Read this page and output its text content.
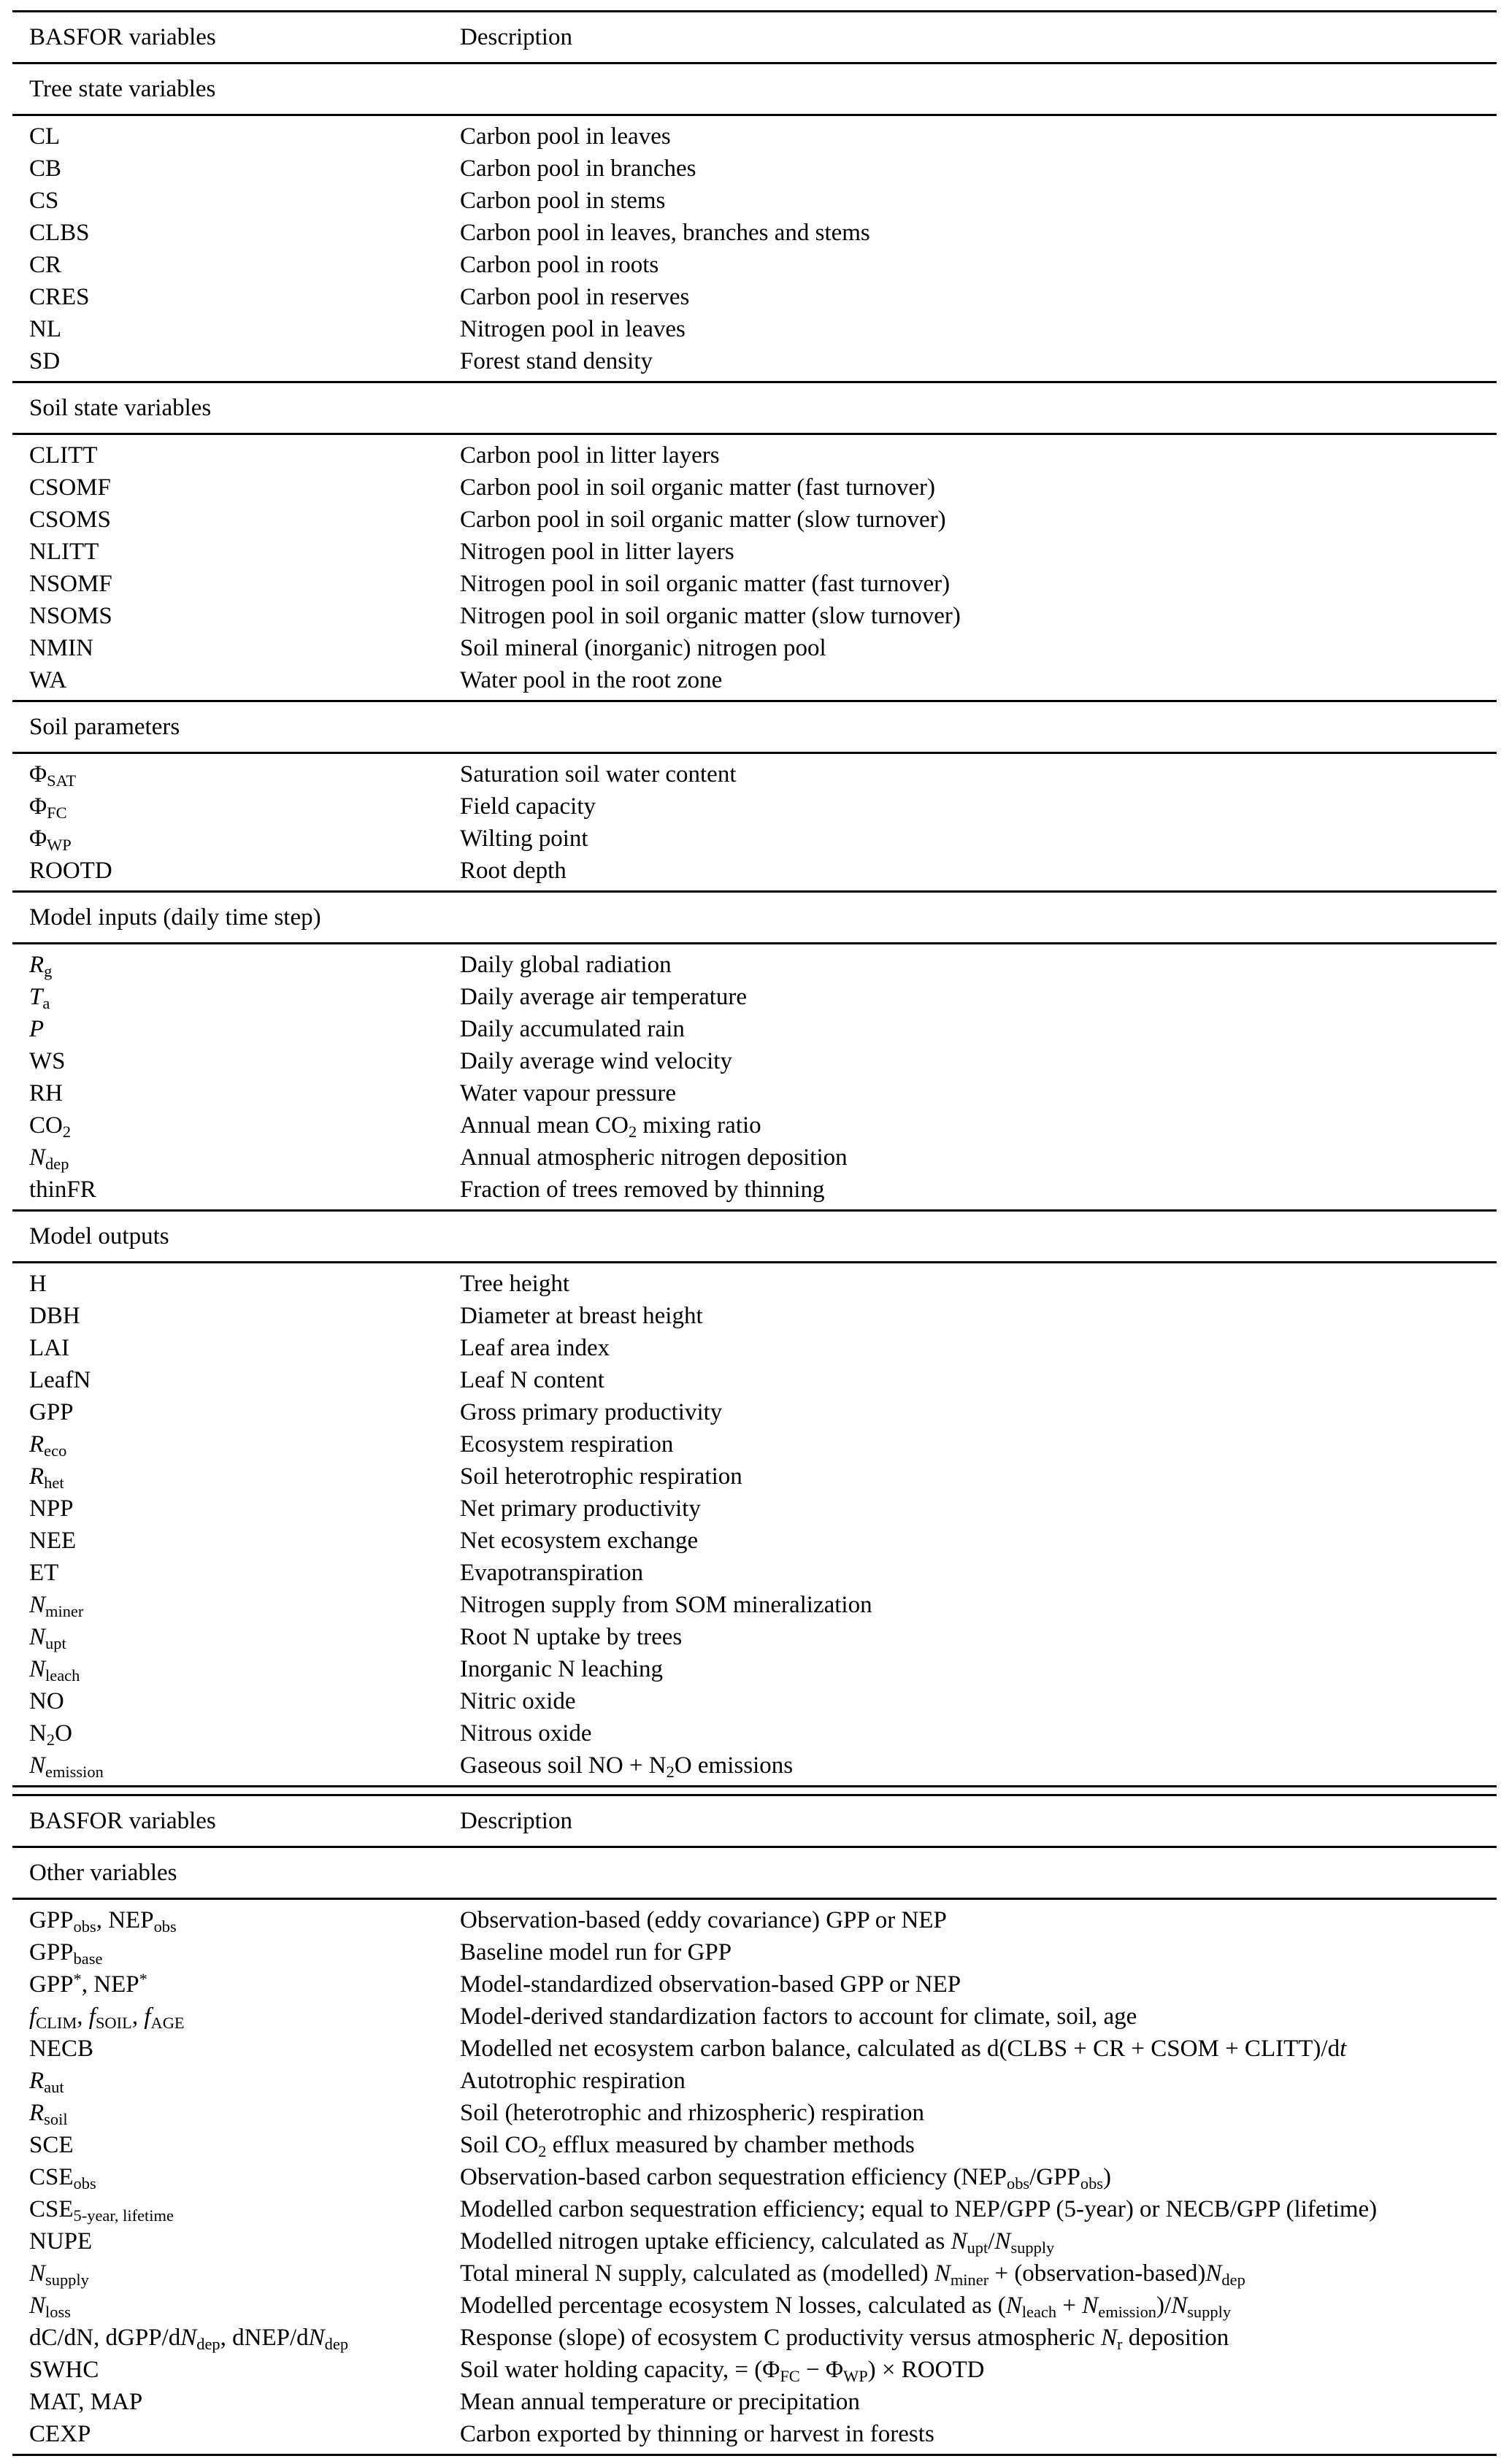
BASFOR variables	Description
Tree state variables
CL	Carbon pool in leaves
CB	Carbon pool in branches
CS	Carbon pool in stems
CLBS	Carbon pool in leaves, branches and stems
CR	Carbon pool in roots
CRES	Carbon pool in reserves
NL	Nitrogen pool in leaves
SD	Forest stand density
Soil state variables
CLITT	Carbon pool in litter layers
CSOMF	Carbon pool in soil organic matter (fast turnover)
CSOMS	Carbon pool in soil organic matter (slow turnover)
NLITT	Nitrogen pool in litter layers
NSOMF	Nitrogen pool in soil organic matter (fast turnover)
NSOMS	Nitrogen pool in soil organic matter (slow turnover)
NMIN	Soil mineral (inorganic) nitrogen pool
WA	Water pool in the root zone
Soil parameters
$\Phi_{SAT}$	Saturation soil water content
$\Phi_{FC}$	Field capacity
$\Phi_{WP}$	Wilting point
ROOTD	Root depth
Model inputs (daily time step)
$R_g$	Daily global radiation
$T_a$	Daily average air temperature
P	Daily accumulated rain
WS	Daily average wind velocity
RH	Water vapour pressure
$CO_2$	Annual mean $CO_2$ mixing ratio
$N_{dep}$	Annual atmospheric nitrogen deposition
thinFR	Fraction of trees removed by thinning
Model outputs
H	Tree height
DBH	Diameter at breast height
LAI	Leaf area index
LeafN	Leaf N content
GPP	Gross primary productivity
$R_{eco}$	Ecosystem respiration
$R_{het}$	Soil heterotrophic respiration
NPP	Net primary productivity
NEE	Net ecosystem exchange
ET	Evapotranspiration
$N_{miner}$	Nitrogen supply from SOM mineralization
$N_{upt}$	Root N uptake by trees
$N_{leach}$	Inorganic N leaching
NO	Nitric oxide
$N_2O$	Nitrous oxide
$N_{emission}$	Gaseous soil NO + $N_2O$ emissions
BASFOR variables	Description
Other variables
$GPP_{obs}$, $NEP_{obs}$	Observation-based (eddy covariance) GPP or NEP
$GPP_{base}$	Baseline model run for GPP
GPP*, NEP*	Model-standardized observation-based GPP or NEP
$f_{CLIM}$, $f_{SOIL}$, $f_{AGE}$	Model-derived standardization factors to account for climate, soil, age
NECB	Modelled net ecosystem carbon balance, calculated as d(CLBS + CR + CSOM + CLITT)/dt
$R_{aut}$	Autotrophic respiration
$R_{soil}$	Soil (heterotrophic and rhizospheric) respiration
SCE	Soil $CO_2$ efflux measured by chamber methods
$CSE_{obs}$	Observation-based carbon sequestration efficiency $(NEP_{obs}/GPP_{obs})$
$CSE_{5-year, lifetime}$	Modelled carbon sequestration efficiency; equal to NEP/GPP (5-year) or NECB/GPP (lifetime)
NUPE	Modelled nitrogen uptake efficiency, calculated as $N_{upt}/N_{supply}$
$N_{supply}$	Total mineral N supply, calculated as (modelled) $N_{miner}$ + $(observation-based)N_{dep}$
$N_{loss}$	Modelled percentage ecosystem N losses, calculated as $(N_{leach} + N_{emission})/N_{supply}$
dC/dN, dGPP/$dN_{dep}$, dNEP/$dN_{dep}$	Response (slope) of ecosystem C productivity versus atmospheric $N_r$ deposition
SWHC	Soil water holding capacity, = $(\Phi_{FC} - \Phi_{WP})$ × ROOTD
MAT, MAP	Mean annual temperature or precipitation
CEXP	Carbon exported by thinning or harvest in forests
